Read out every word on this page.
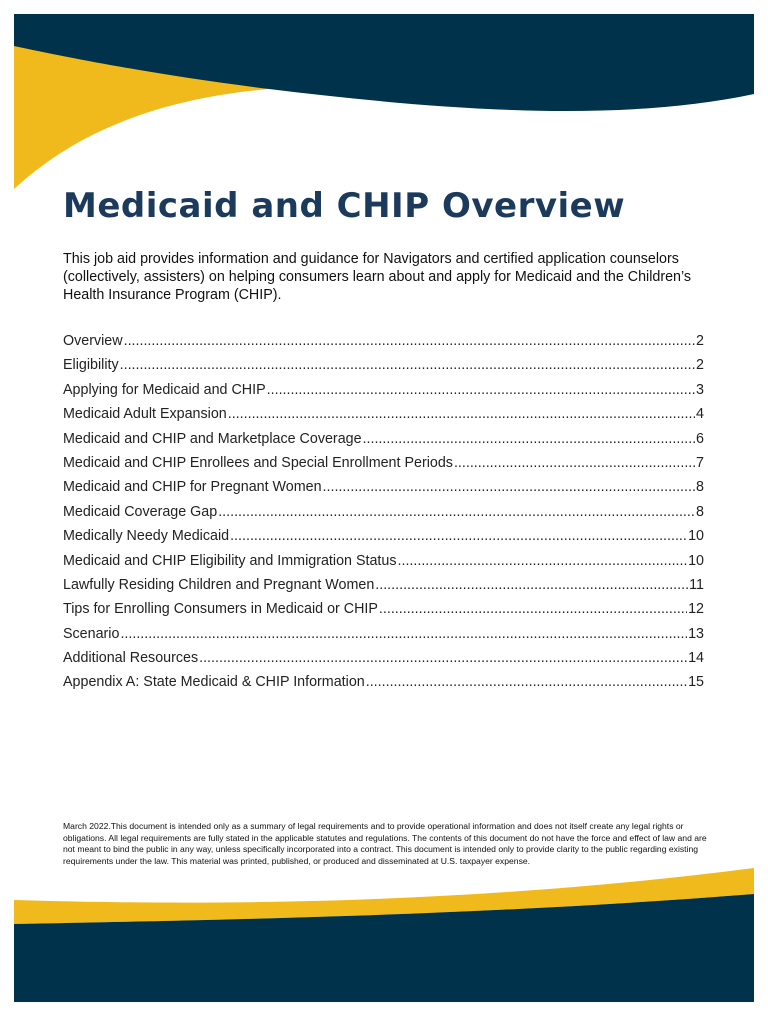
Medicaid and CHIP Overview

This job aid provides information and guidance for Navigators and certified application counselors (collectively, assisters) on helping consumers learn about and apply for Medicaid and the Children’s Health Insurance Program (CHIP).

Overview .....	2
Eligibility .....	2
Applying for Medicaid and CHIP .....	3
Medicaid Adult Expansion .....	4
Medicaid and CHIP and Marketplace Coverage .....	6
Medicaid and CHIP Enrollees and Special Enrollment Periods .....	7
Medicaid and CHIP for Pregnant Women .....	8
Medicaid Coverage Gap .....	8
Medically Needy Medicaid .....	10
Medicaid and CHIP Eligibility and Immigration Status .....	10
Lawfully Residing Children and Pregnant Women .....	11
Tips for Enrolling Consumers in Medicaid or CHIP .....	12
Scenario .....	13
Additional Resources .....	14
Appendix A: State Medicaid & CHIP Information .....	15

March 2022.This document is intended only as a summary of legal requirements and to provide operational information and does not itself create any legal rights or obligations. All legal requirements are fully stated in the applicable statutes and regulations. The contents of this document do not have the force and effect of law and are not meant to bind the public in any way, unless specifically incorporated into a contract. This document is intended only to provide clarity to the public regarding existing requirements under the law. This material was printed, published, or produced and disseminated at U.S. taxpayer expense.
